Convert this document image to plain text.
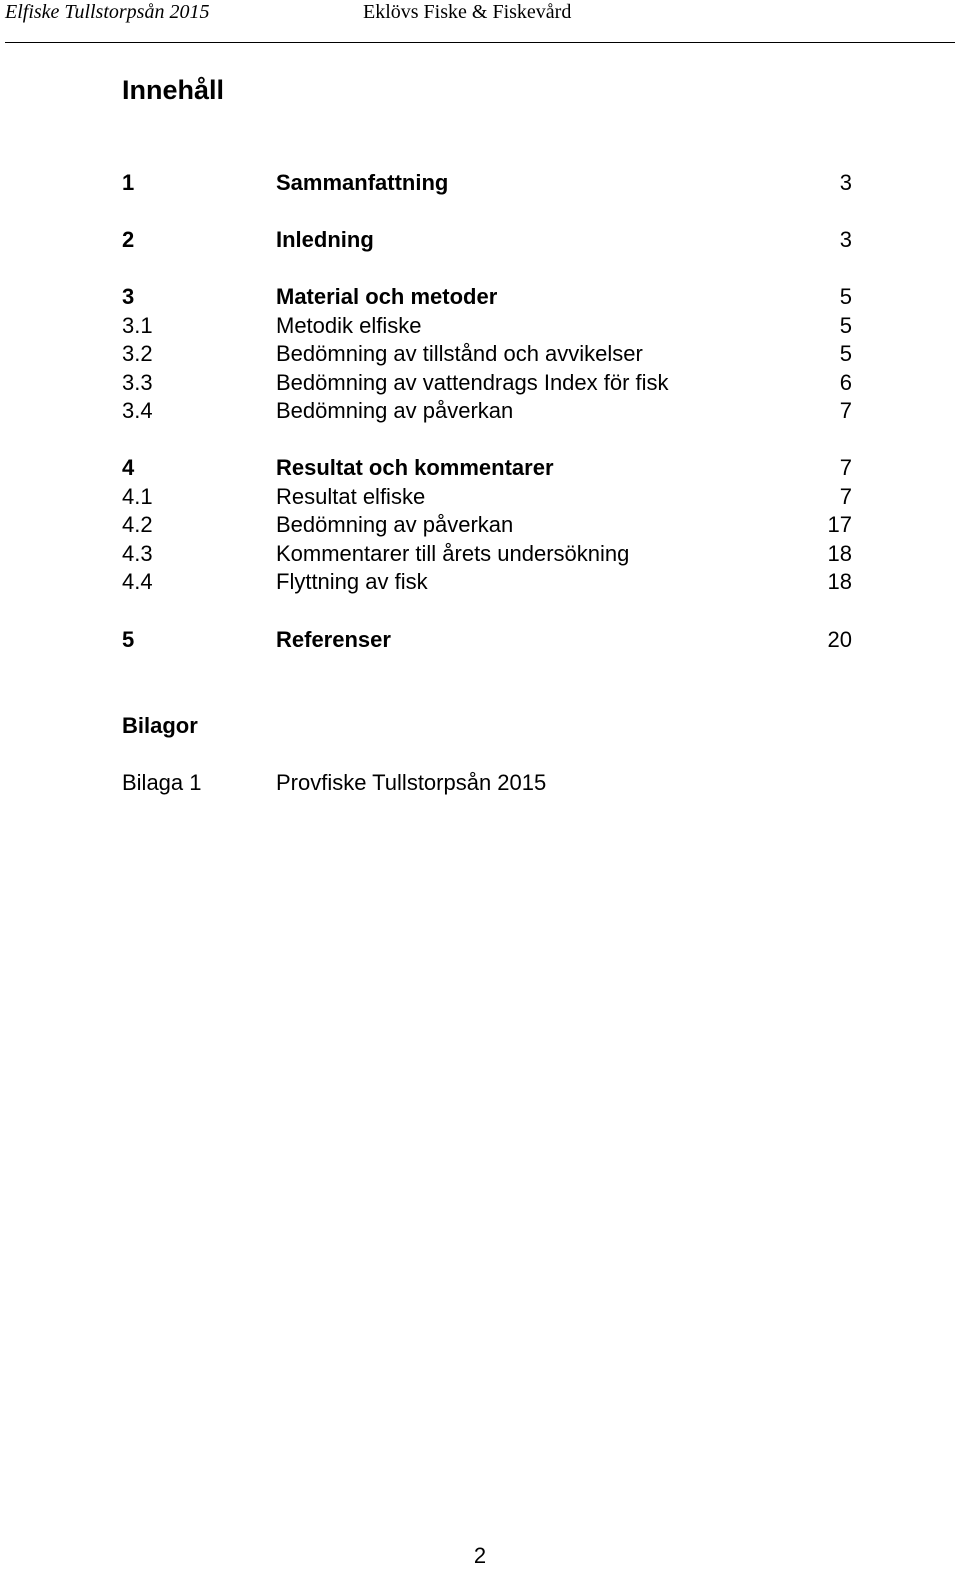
Elfiske Tullstorpsån 2015	Eklövs Fiske & Fiskevård
Innehåll
1	Sammanfattning	3
2	Inledning	3
3	Material och metoder	5
3.1	Metodik elfiske	5
3.2	Bedömning av tillstånd och avvikelser	5
3.3	Bedömning av vattendrags Index för fisk	6
3.4	Bedömning av påverkan	7
4	Resultat och kommentarer	7
4.1	Resultat elfiske	7
4.2	Bedömning av påverkan	17
4.3	Kommentarer till årets undersökning	18
4.4	Flyttning av fisk	18
5	Referenser	20
Bilagor
Bilaga 1	Provfiske Tullstorpsån 2015
2
